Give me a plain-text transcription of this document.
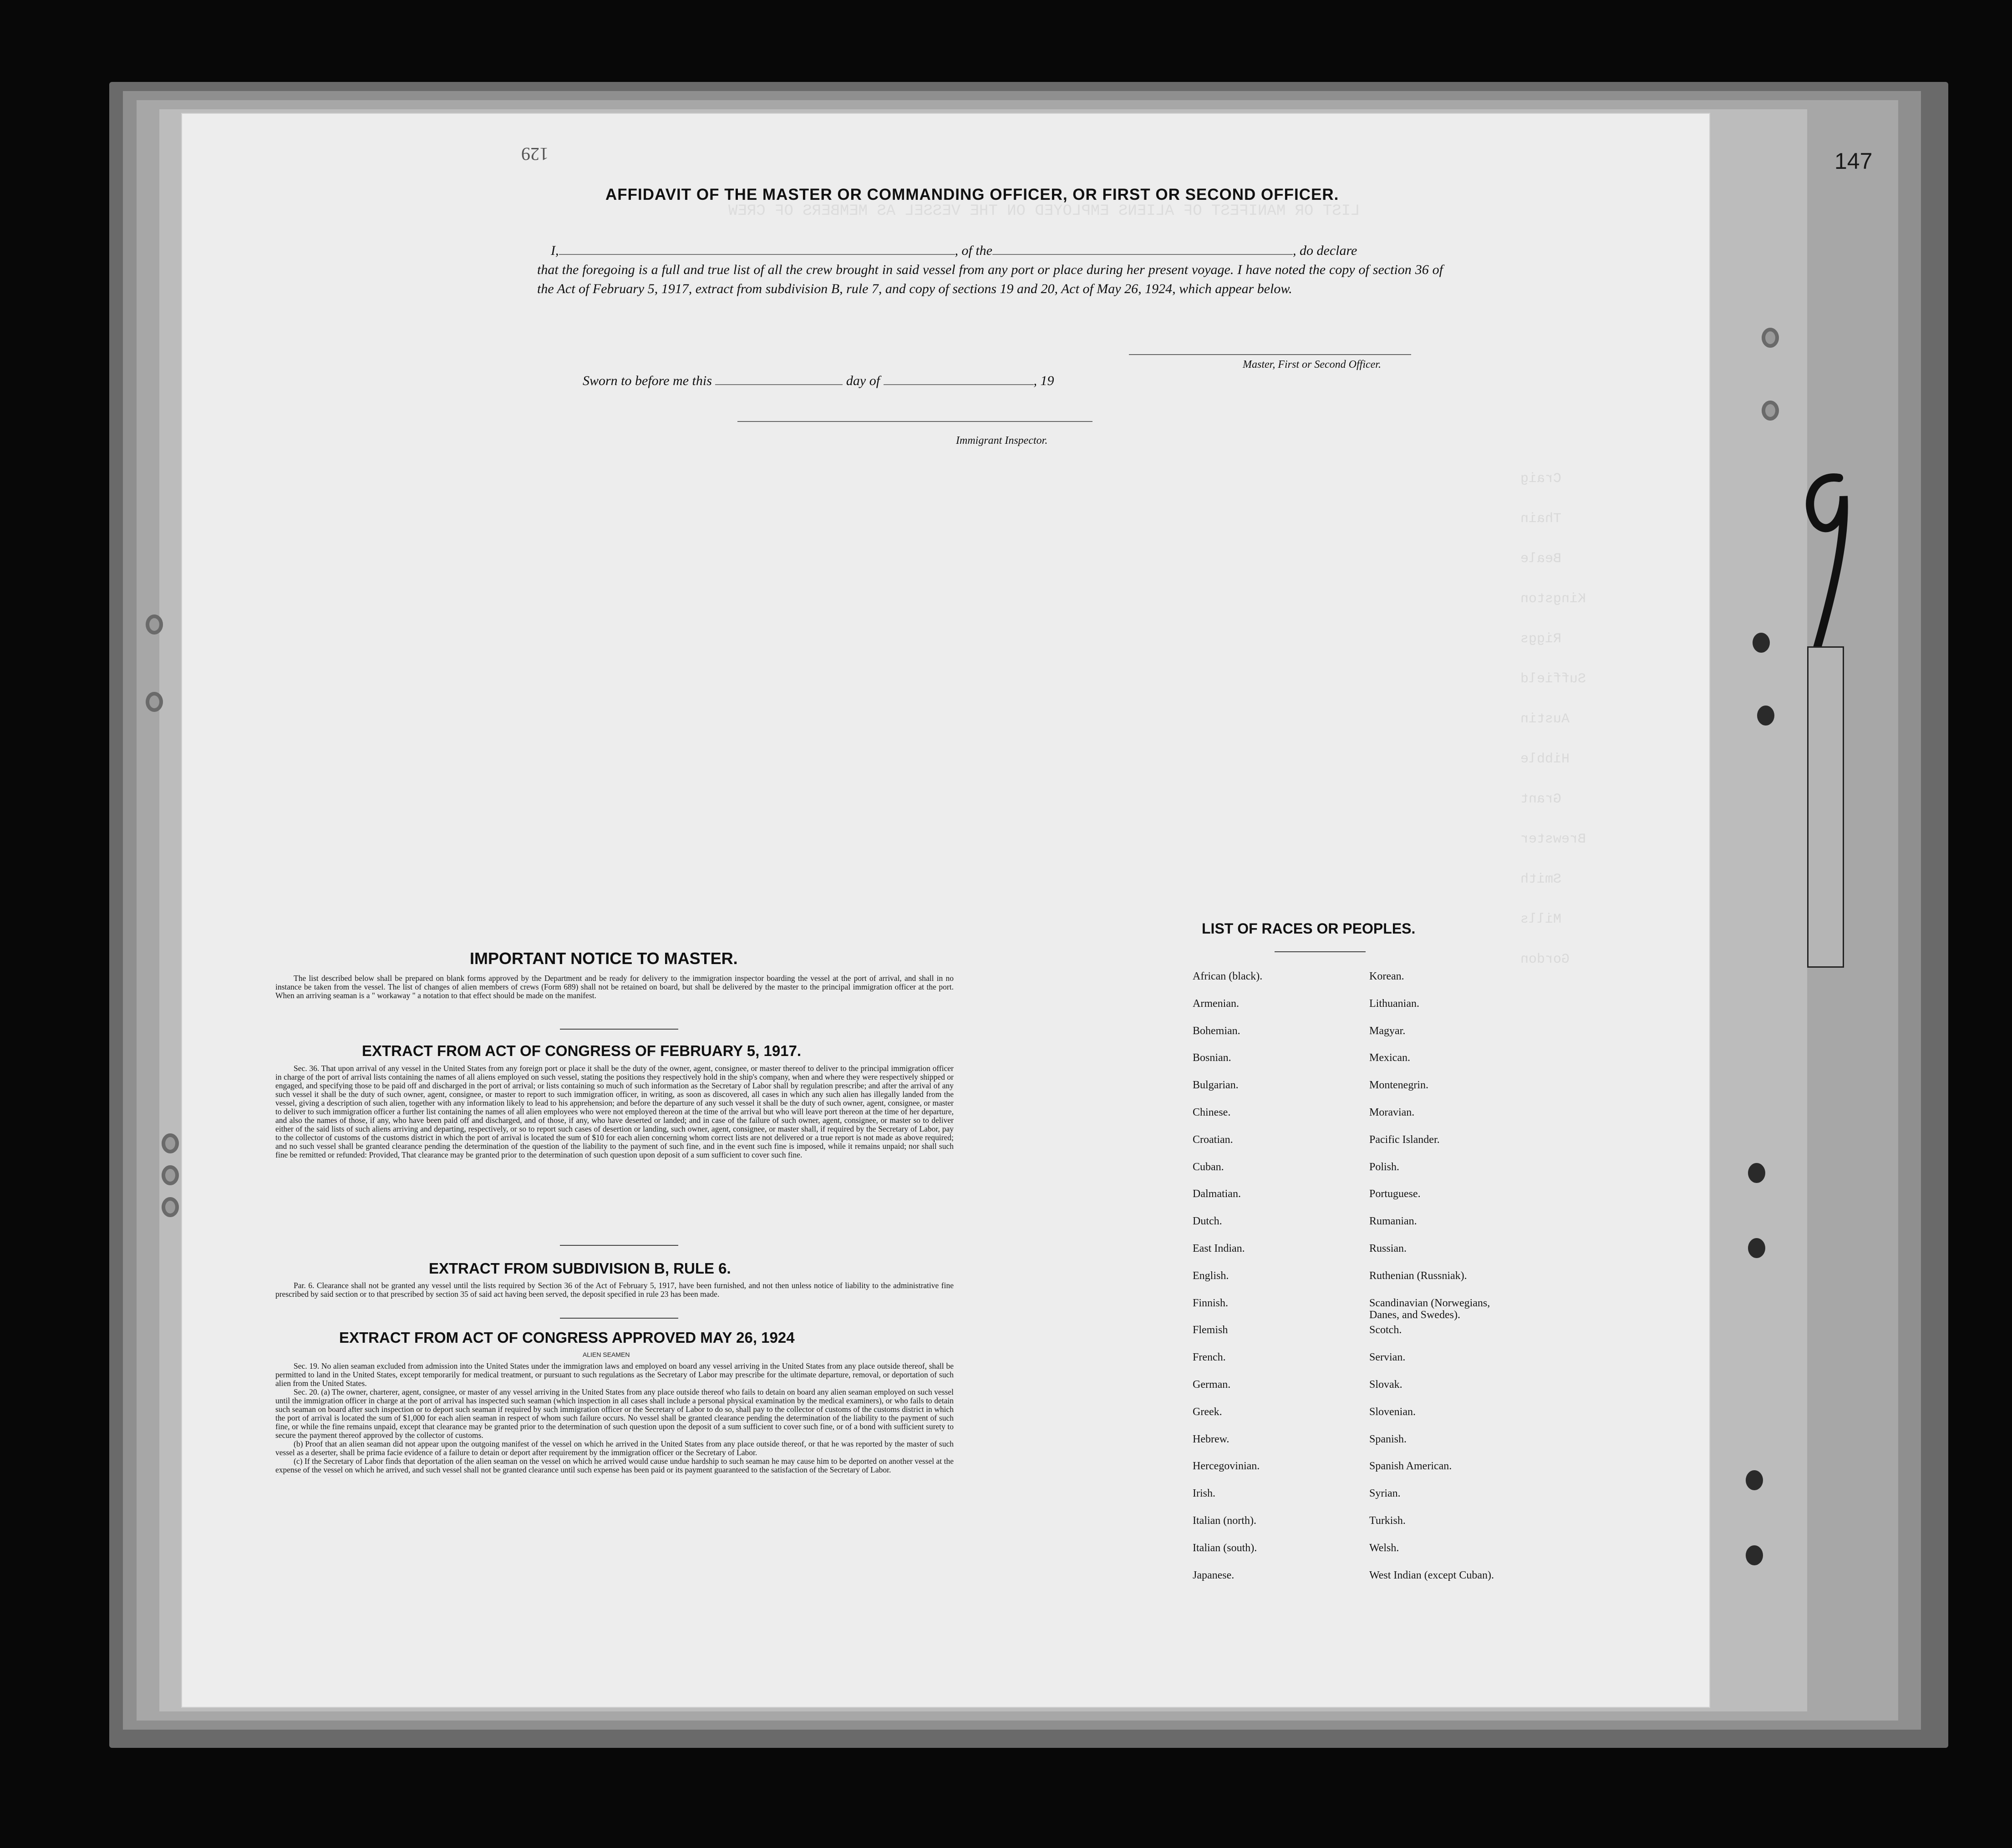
LIST OR MANIFEST OF ALIENS EMPLOYED ON THE VESSEL AS MEMBERS OF CREW
Craig
Thain
Beale
Kingston
Riggs
Suffield
Austin
Hibble
Grant
Brewster
Smith
Mills
Gordon
147
129
AFFIDAVIT OF THE MASTER OR COMMANDING OFFICER, OR FIRST OR SECOND OFFICER.
I,	, of the	, do declare
that the foregoing is a full and true list of all the crew brought in said vessel from any port or place during her present voyage. I have noted the copy of section 36 of the Act of February 5, 1917, extract from subdivision B, rule 7, and copy of sections 19 and 20, Act of May 26, 1924, which appear below.
Master, First or Second Officer.
Sworn to before me this	day of	, 19
Immigrant Inspector.
IMPORTANT NOTICE TO MASTER.
The list described below shall be prepared on blank forms approved by the Department and be ready for delivery to the immigration inspector boarding the vessel at the port of arrival, and shall in no instance be taken from the vessel. The list of changes of alien members of crews (Form 689) shall not be retained on board, but shall be delivered by the master to the principal immigration officer at the port. When an arriving seaman is a " workaway " a notation to that effect should be made on the manifest.
EXTRACT FROM ACT OF CONGRESS OF FEBRUARY 5, 1917.
Sec. 36. That upon arrival of any vessel in the United States from any foreign port or place it shall be the duty of the owner, agent, consignee, or master thereof to deliver to the principal immigration officer in charge of the port of arrival lists containing the names of all aliens employed on such vessel, stating the positions they respectively hold in the ship's company, when and where they were respectively shipped or engaged, and specifying those to be paid off and discharged in the port of arrival; or lists containing so much of such information as the Secretary of Labor shall by regulation prescribe; and after the arrival of any such vessel it shall be the duty of such owner, agent, consignee, or master to report to such immigration officer, in writing, as soon as discovered, all cases in which any such alien has illegally landed from the vessel, giving a description of such alien, together with any information likely to lead to his apprehension; and before the departure of any such vessel it shall be the duty of such owner, agent, consignee, or master to deliver to such immigration officer a further list containing the names of all alien employees who were not employed thereon at the time of the arrival but who will leave port thereon at the time of her departure, and also the names of those, if any, who have been paid off and discharged, and of those, if any, who have deserted or landed; and in case of the failure of such owner, agent, consignee, or master so to deliver either of the said lists of such aliens arriving and departing, respectively, or so to report such cases of desertion or landing, such owner, agent, consignee, or master shall, if required by the Secretary of Labor, pay to the collector of customs of the customs district in which the port of arrival is located the sum of $10 for each alien concerning whom correct lists are not delivered or a true report is not made as above required; and no such vessel shall be granted clearance pending the determination of the question of the liability to the payment of such fine, and in the event such fine is imposed, while it remains unpaid; nor shall such fine be remitted or refunded: Provided, That clearance may be granted prior to the determination of such question upon deposit of a sum sufficient to cover such fine.
EXTRACT FROM SUBDIVISION B, RULE 6.
Par. 6. Clearance shall not be granted any vessel until the lists required by Section 36 of the Act of February 5, 1917, have been furnished, and not then unless notice of liability to the administrative fine prescribed by said section or to that prescribed by section 35 of said act having been served, the deposit specified in rule 23 has been made.
EXTRACT FROM ACT OF CONGRESS APPROVED MAY 26, 1924
ALIEN SEAMEN
Sec. 19. No alien seaman excluded from admission into the United States under the immigration laws and employed on board any vessel arriving in the United States from any place outside thereof, shall be permitted to land in the United States, except temporarily for medical treatment, or pursuant to such regulations as the Secretary of Labor may prescribe for the ultimate departure, removal, or deportation of such alien from the United States.
Sec. 20. (a) The owner, charterer, agent, consignee, or master of any vessel arriving in the United States from any place outside thereof who fails to detain on board any alien seaman employed on such vessel until the immigration officer in charge at the port of arrival has inspected such seaman (which inspection in all cases shall include a personal physical examination by the medical examiners), or who fails to detain such seaman on board after such inspection or to deport such seaman if required by such immigration officer or the Secretary of Labor to do so, shall pay to the collector of customs of the customs district in which the port of arrival is located the sum of $1,000 for each alien seaman in respect of whom such failure occurs. No vessel shall be granted clearance pending the determination of the liability to the payment of such fine, or while the fine remains unpaid, except that clearance may be granted prior to the determination of such question upon the deposit of a sum sufficient to cover such fine, or of a bond with sufficient surety to secure the payment thereof approved by the collector of customs.
(b) Proof that an alien seaman did not appear upon the outgoing manifest of the vessel on which he arrived in the United States from any place outside thereof, or that he was reported by the master of such vessel as a deserter, shall be prima facie evidence of a failure to detain or deport after requirement by the immigration officer or the Secretary of Labor.
(c) If the Secretary of Labor finds that deportation of the alien seaman on the vessel on which he arrived would cause undue hardship to such seaman he may cause him to be deported on another vessel at the expense of the vessel on which he arrived, and such vessel shall not be granted clearance until such expense has been paid or its payment guaranteed to the satisfaction of the Secretary of Labor.
LIST OF RACES OR PEOPLES.
African (black).
Armenian.
Bohemian.
Bosnian.
Bulgarian.
Chinese.
Croatian.
Cuban.
Dalmatian.
Dutch.
East Indian.
English.
Finnish.
Flemish
French.
German.
Greek.
Hebrew.
Hercegovinian.
Irish.
Italian (north).
Italian (south).
Japanese.
Korean.
Lithuanian.
Magyar.
Mexican.
Montenegrin.
Moravian.
Pacific Islander.
Polish.
Portuguese.
Rumanian.
Russian.
Ruthenian (Russniak).
Scandinavian (Norwegians, Danes, and Swedes).
Scotch.
Servian.
Slovak.
Slovenian.
Spanish.
Spanish American.
Syrian.
Turkish.
Welsh.
West Indian (except Cuban).
